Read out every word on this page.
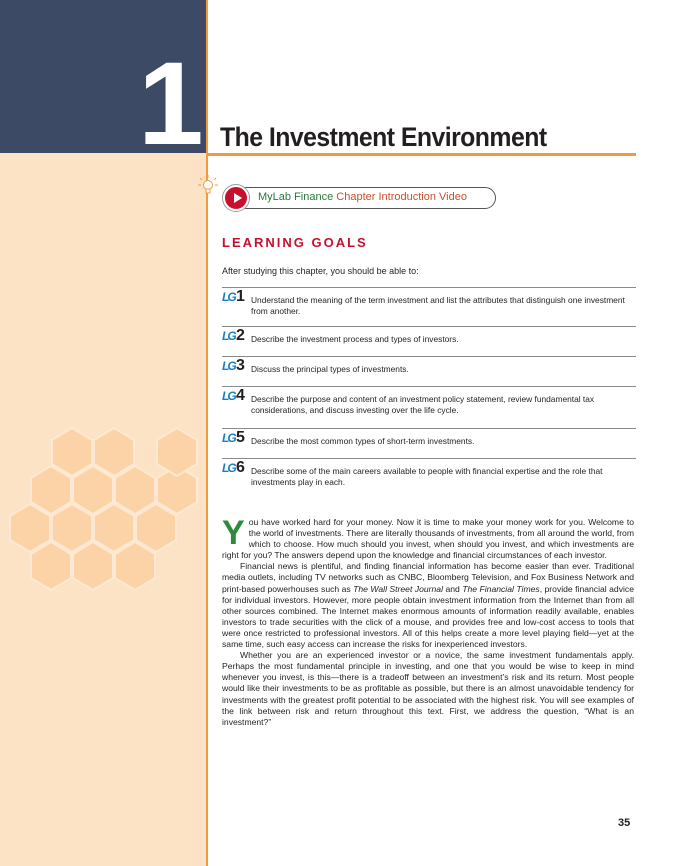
1 The Investment Environment
MyLab Finance Chapter Introduction Video
LEARNING GOALS
After studying this chapter, you should be able to:
LG 1 Understand the meaning of the term investment and list the attributes that distinguish one investment from another.
LG 2 Describe the investment process and types of investors.
LG 3 Discuss the principal types of investments.
LG 4 Describe the purpose and content of an investment policy statement, review fundamental tax considerations, and discuss investing over the life cycle.
LG 5 Describe the most common types of short-term investments.
LG 6 Describe some of the main careers available to people with financial expertise and the role that investments play in each.

You have worked hard for your money. Now it is time to make your money work for you. Welcome to the world of investments. There are literally thousands of investments, from all around the world, from which to choose. How much should you invest, when should you invest, and which investments are right for you? The answers depend upon the knowledge and financial circumstances of each investor.

Financial news is plentiful, and finding financial information has become easier than ever. Traditional media outlets, including TV networks such as CNBC, Bloomberg Television, and Fox Business Network and print-based powerhouses such as The Wall Street Journal and The Financial Times, provide financial advice for individual investors. However, more people obtain investment information from the Internet than from all other sources combined. The Internet makes enormous amounts of information readily available, enables investors to trade securities with the click of a mouse, and provides free and low-cost access to tools that were once restricted to professional investors. All of this helps create a more level playing field—yet at the same time, such easy access can increase the risks for inexperienced investors.

Whether you are an experienced investor or a novice, the same investment fundamentals apply. Perhaps the most fundamental principle in investing, and one that you would be wise to keep in mind whenever you invest, is this—there is a tradeoff between an investment’s risk and its return. Most people would like their investments to be as profitable as possible, but there is an almost unavoidable tendency for investments with the greatest profit potential to be associated with the highest risk. You will see examples of the link between risk and return throughout this text. First, we address the question, “What is an investment?”

35
